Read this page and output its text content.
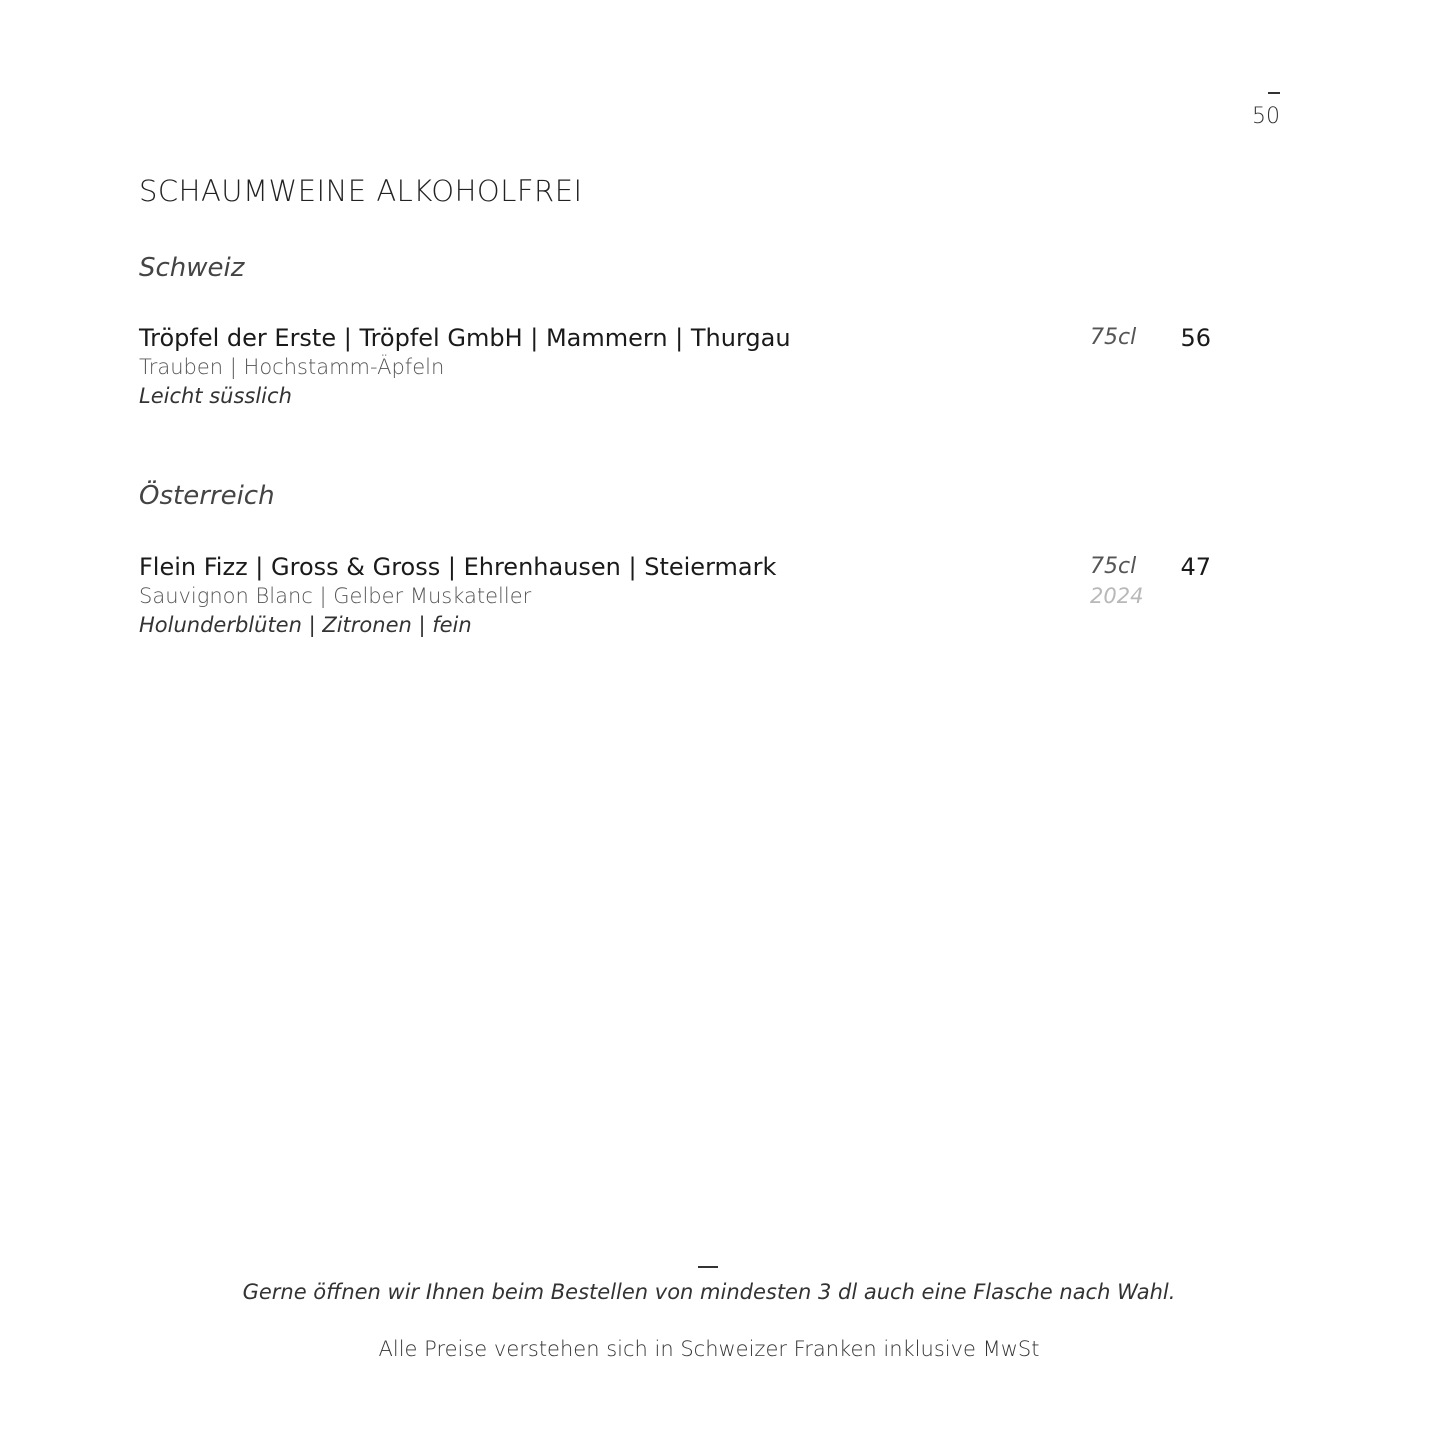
50
SCHAUMWEINE ALKOHOLFREI
Schweiz
Tröpfel der Erste | Tröpfel GmbH | Mammern | Thurgau
Trauben | Hochstamm-Äpfeln
Leicht süsslich
75cl 56
Österreich
Flein Fizz | Gross & Gross | Ehrenhausen | Steiermark
Sauvignon Blanc | Gelber Muskateller
Holunderblüten | Zitronen | fein
75cl
2024
47
Gerne öffnen wir Ihnen beim Bestellen von mindesten 3 dl auch eine Flasche nach Wahl.
Alle Preise verstehen sich in Schweizer Franken inklusive MwSt
